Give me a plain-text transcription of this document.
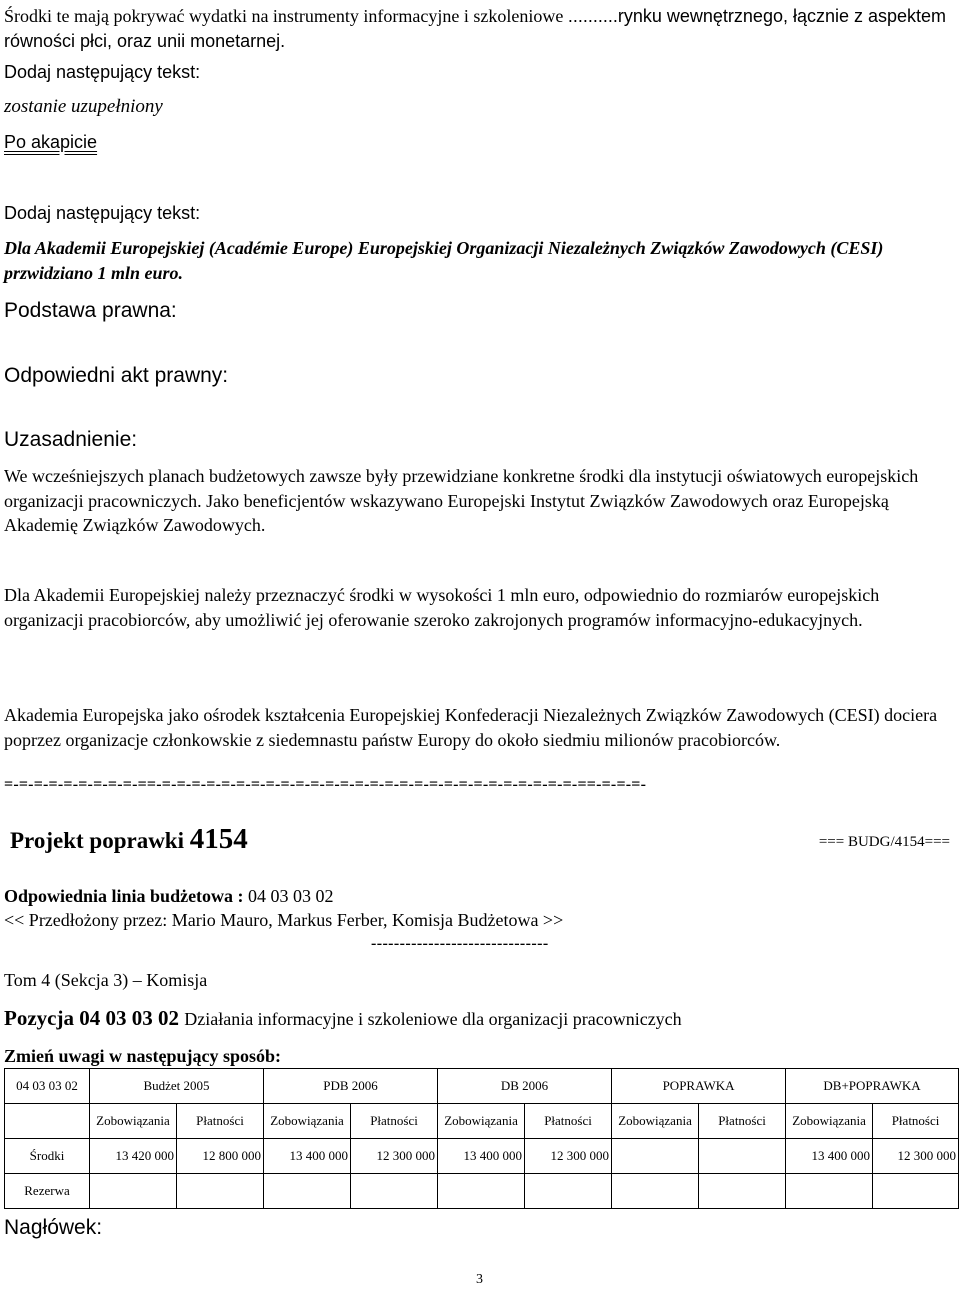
Środki te mają pokrywać wydatki na instrumenty informacyjne i szkoleniowe ..........rynku wewnętrznego, łącznie z aspektem równości płci, oraz unii monetarnej.
Dodaj następujący tekst:
zostanie uzupełniony
Po akapicie
Dodaj następujący tekst:
Dla Akademii Europejskiej (Académie Europe) Europejskiej Organizacji Niezależnych Związków Zawodowych (CESI) przwidziano 1 mln euro.
Podstawa prawna:
Odpowiedni akt prawny:
Uzasadnienie:
We wcześniejszych planach budżetowych zawsze były przewidziane konkretne środki dla instytucji oświatowych europejskich organizacji pracowniczych. Jako beneficjentów wskazywano Europejski Instytut Związków Zawodowych oraz Europejską Akademię Związków Zawodowych.
Dla Akademii Europejskiej należy przeznaczyć środki w wysokości 1 mln euro, odpowiednio do rozmiarów europejskich organizacji pracobiorców, aby umożliwić jej oferowanie szeroko zakrojonych programów informacyjno-edukacyjnych.
Akademia Europejska jako ośrodek kształcenia Europejskiej Konfederacji Niezależnych Związków Zawodowych (CESI) dociera poprzez organizacje członkowskie z siedemnastu państw Europy do około siedmiu milionów pracobiorców.
=-=-=-=-=-=-=-=-=-==-=-=-=-=-=-=-=-=-=-=-=-=-=-=-=-=-=-=-=-=-=-=-=-=-=-=-=-=-==-=-=-=-
Projekt poprawki 4154	=== BUDG/4154===
Odpowiednia linia budżetowa : 04 03 03 02
<< Przedłożony przez: Mario Mauro, Markus Ferber, Komisja Budżetowa >>
-------------------------------
Tom 4 (Sekcja 3) – Komisja
Pozycja 04 03 03 02 Działania informacyjne i szkoleniowe dla organizacji pracowniczych
Zmień uwagi w następujący sposób:
04 03 03 02	Budżet 2005		PDB 2006		DB 2006		POPRAWKA		DB+POPRAWKA	
	Zobowiązania	Płatności	Zobowiązania	Płatności	Zobowiązania	Płatności	Zobowiązania	Płatności	Zobowiązania	Płatności
Środki	13 420 000	12 800 000	13 400 000	12 300 000	13 400 000	12 300 000			13 400 000	12 300 000
Rezerwa										
Nagłówek:
3
